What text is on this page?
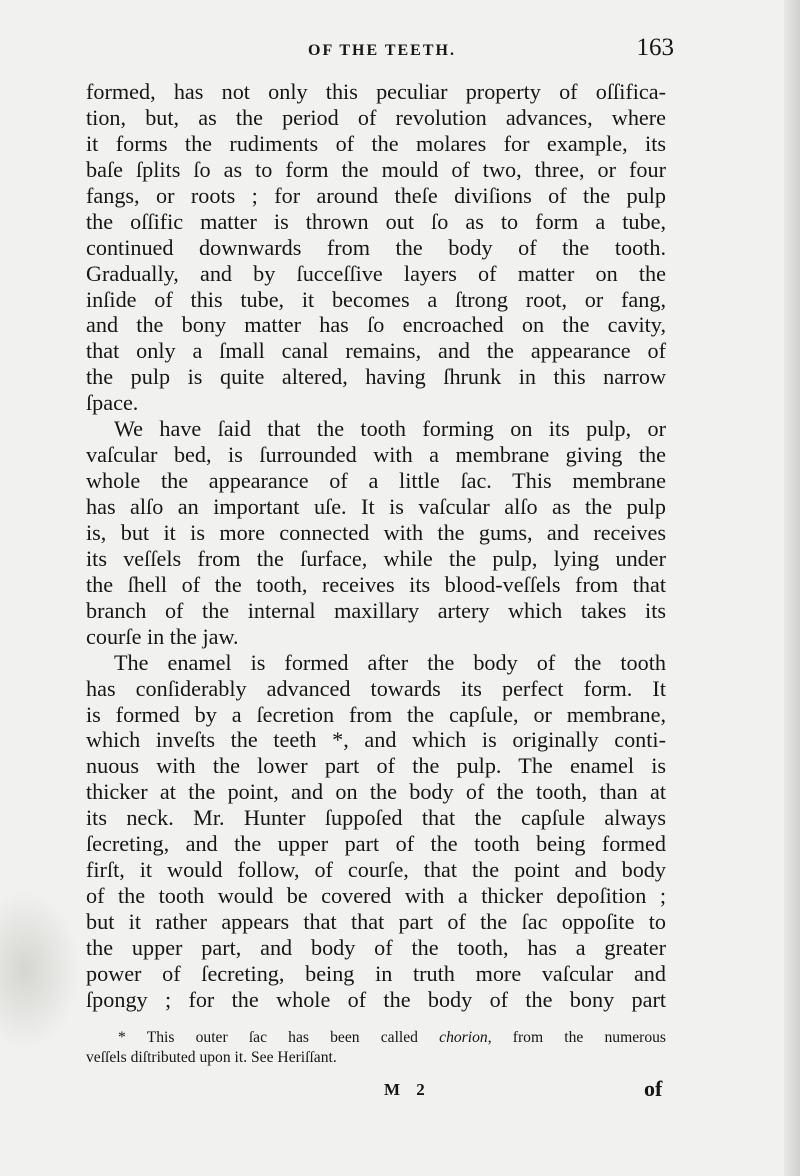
OF THE TEETH.	163
formed, has not only this peculiar property of oſſifica-
tion, but, as the period of revolution advances, where
it forms the rudiments of the molares for example, its
baſe ſplits ſo as to form the mould of two, three, or four
fangs, or roots ; for around theſe diviſions of the pulp
the oſſific matter is thrown out ſo as to form a tube,
continued downwards from the body of the tooth.
Gradually, and by ſucceſſive layers of matter on the
inſide of this tube, it becomes a ſtrong root, or fang,
and the bony matter has ſo encroached on the cavity,
that only a ſmall canal remains, and the appearance of
the pulp is quite altered, having ſhrunk in this narrow
ſpace.
We have ſaid that the tooth forming on its pulp, or
vaſcular bed, is ſurrounded with a membrane giving the
whole the appearance of a little ſac. This membrane
has alſo an important uſe. It is vaſcular alſo as the pulp
is, but it is more connected with the gums, and receives
its veſſels from the ſurface, while the pulp, lying under
the ſhell of the tooth, receives its blood-veſſels from that
branch of the internal maxillary artery which takes its
courſe in the jaw.
The enamel is formed after the body of the tooth
has conſiderably advanced towards its perfect form. It
is formed by a ſecretion from the capſule, or membrane,
which inveſts the teeth *, and which is originally conti-
nuous with the lower part of the pulp. The enamel is
thicker at the point, and on the body of the tooth, than at
its neck. Mr. Hunter ſuppoſed that the capſule always
ſecreting, and the upper part of the tooth being formed
firſt, it would follow, of courſe, that the point and body
of the tooth would be covered with a thicker depoſition ;
but it rather appears that that part of the ſac oppoſite to
the upper part, and body of the tooth, has a greater
power of ſecreting, being in truth more vaſcular and
ſpongy ; for the whole of the body of the bony part
* This outer ſac has been called chorion, from the numerous
veſſels diſtributed upon it. See Heriſſant.
M 2	of
